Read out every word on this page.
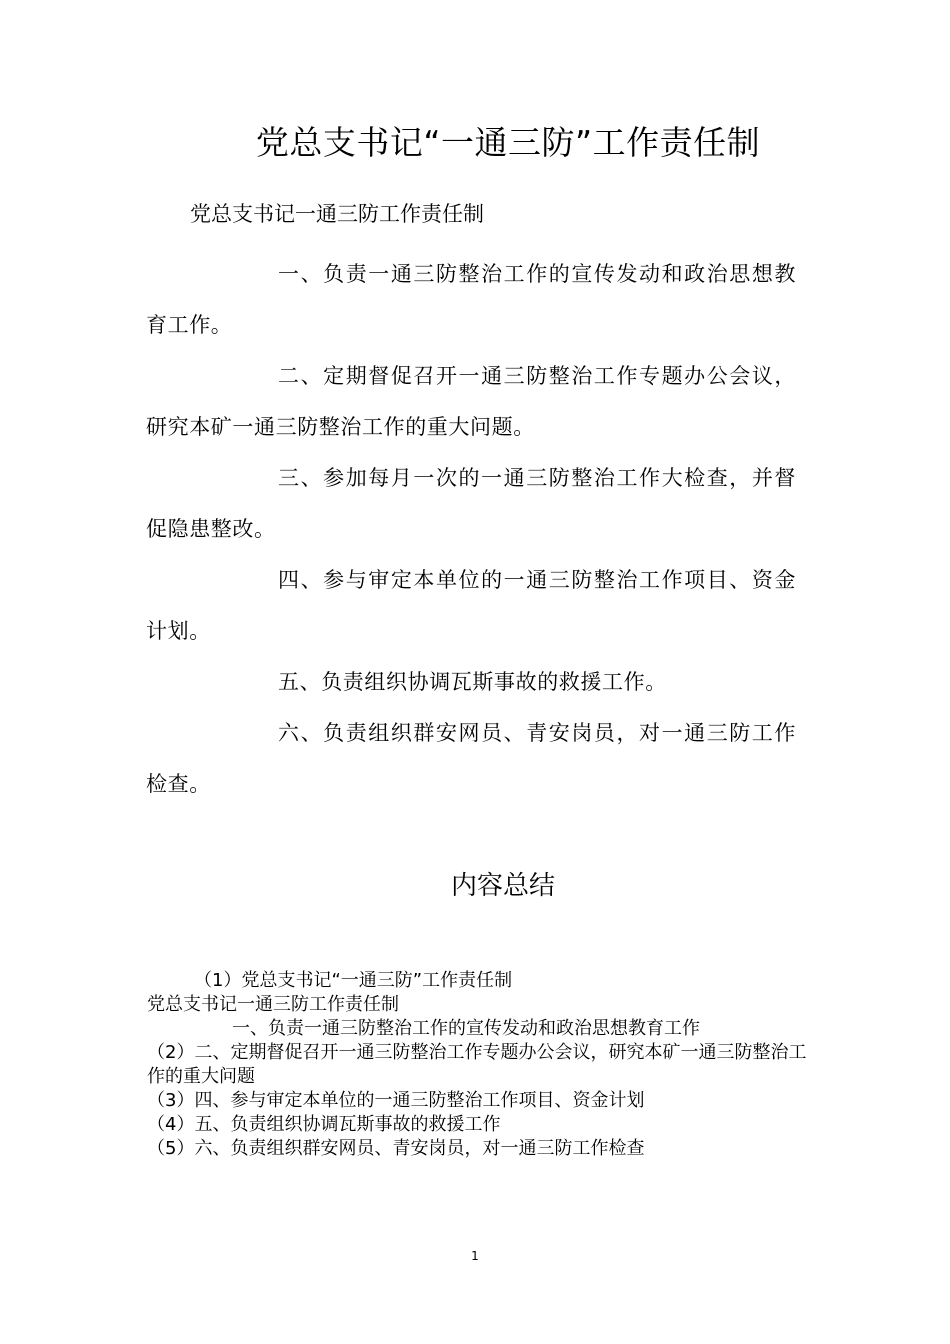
党总支书记“一通三防”工作责任制
党总支书记一通三防工作责任制

一、负责一通三防整治工作的宣传发动和政治思想教育工作。

二、定期督促召开一通三防整治工作专题办公会议，研究本矿一通三防整治工作的重大问题。

三、参加每月一次的一通三防整治工作大检查，并督促隐患整改。

四、参与审定本单位的一通三防整治工作项目、资金计划。

五、负责组织协调瓦斯事故的救援工作。

六、负责组织群安网员、青安岗员，对一通三防工作检查。

内容总结

（1）党总支书记“一通三防”工作责任制

党总支书记一通三防工作责任制

一、负责一通三防整治工作的宣传发动和政治思想教育工作

（2）二、定期督促召开一通三防整治工作专题办公会议，研究本矿一通三防整治工作的重大问题

（3）四、参与审定本单位的一通三防整治工作项目、资金计划

（4）五、负责组织协调瓦斯事故的救援工作

（5）六、负责组织群安网员、青安岗员，对一通三防工作检查

1
